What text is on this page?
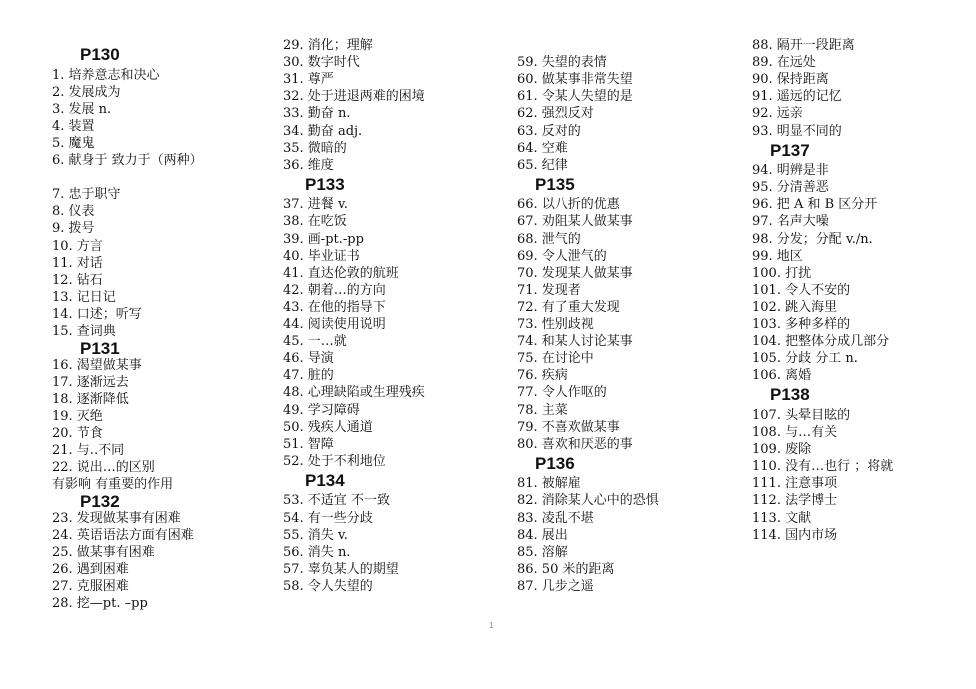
P130
1. 培养意志和决心
2. 发展成为
3. 发展 n.
4. 装置
5. 魔鬼
6. 献身于 致力于（两种）
7. 忠于职守
8. 仪表
9. 拨号
10. 方言
11. 对话
12. 钻石
13. 记日记
14. 口述；听写
15. 查词典
P131
16. 渴望做某事
17. 逐渐远去
18. 逐渐降低
19. 灭绝
20. 节食
21. 与..不同
22. 说出…的区别
有影响 有重要的作用
P132
23. 发现做某事有困难
24. 英语语法方面有困难
25. 做某事有困难
26. 遇到困难
27. 克服困难
28. 挖—pt. –pp
29. 消化；理解
30. 数字时代
31. 尊严
32. 处于进退两难的困境
33. 勤奋 n.
34. 勤奋 adj.
35. 微暗的
36. 维度
P133
37. 进餐 v.
38. 在吃饭
39. 画-pt.-pp
40. 毕业证书
41. 直达伦敦的航班
42. 朝着…的方向
43. 在他的指导下
44. 阅读使用说明
45. 一…就
46. 导演
47. 脏的
48. 心理缺陷或生理残疾
49. 学习障碍
50. 残疾人通道
51. 智障
52. 处于不利地位
P134
53. 不适宜 不一致
54. 有一些分歧
55. 消失 v.
56. 消失 n.
57. 辜负某人的期望
58. 令人失望的
59. 失望的表情
60. 做某事非常失望
61. 令某人失望的是
62. 强烈反对
63. 反对的
64. 空难
65. 纪律
P135
66. 以八折的优惠
67. 劝阻某人做某事
68. 泄气的
69. 令人泄气的
70. 发现某人做某事
71. 发现者
72. 有了重大发现
73. 性别歧视
74. 和某人讨论某事
75. 在讨论中
76. 疾病
77. 令人作呕的
78. 主菜
79. 不喜欢做某事
80. 喜欢和厌恶的事
P136
81. 被解雇
82. 消除某人心中的恐惧
83. 凌乱不堪
84. 展出
85. 溶解
86. 50 米的距离
87. 几步之遥
88. 隔开一段距离
89. 在远处
90. 保持距离
91. 遥远的记忆
92. 远亲
93. 明显不同的
P137
94. 明辨是非
95. 分清善恶
96. 把 A 和 B 区分开
97. 名声大噪
98. 分发；分配 v./n.
99. 地区
100. 打扰
101. 令人不安的
102. 跳入海里
103. 多种多样的
104. 把整体分成几部分
105. 分歧 分工 n.
106. 离婚
P138
107. 头晕目眩的
108. 与…有关
109. 废除
110. 没有…也行 ；将就
111. 注意事项
112. 法学博士
113. 文献
114. 国内市场
1
